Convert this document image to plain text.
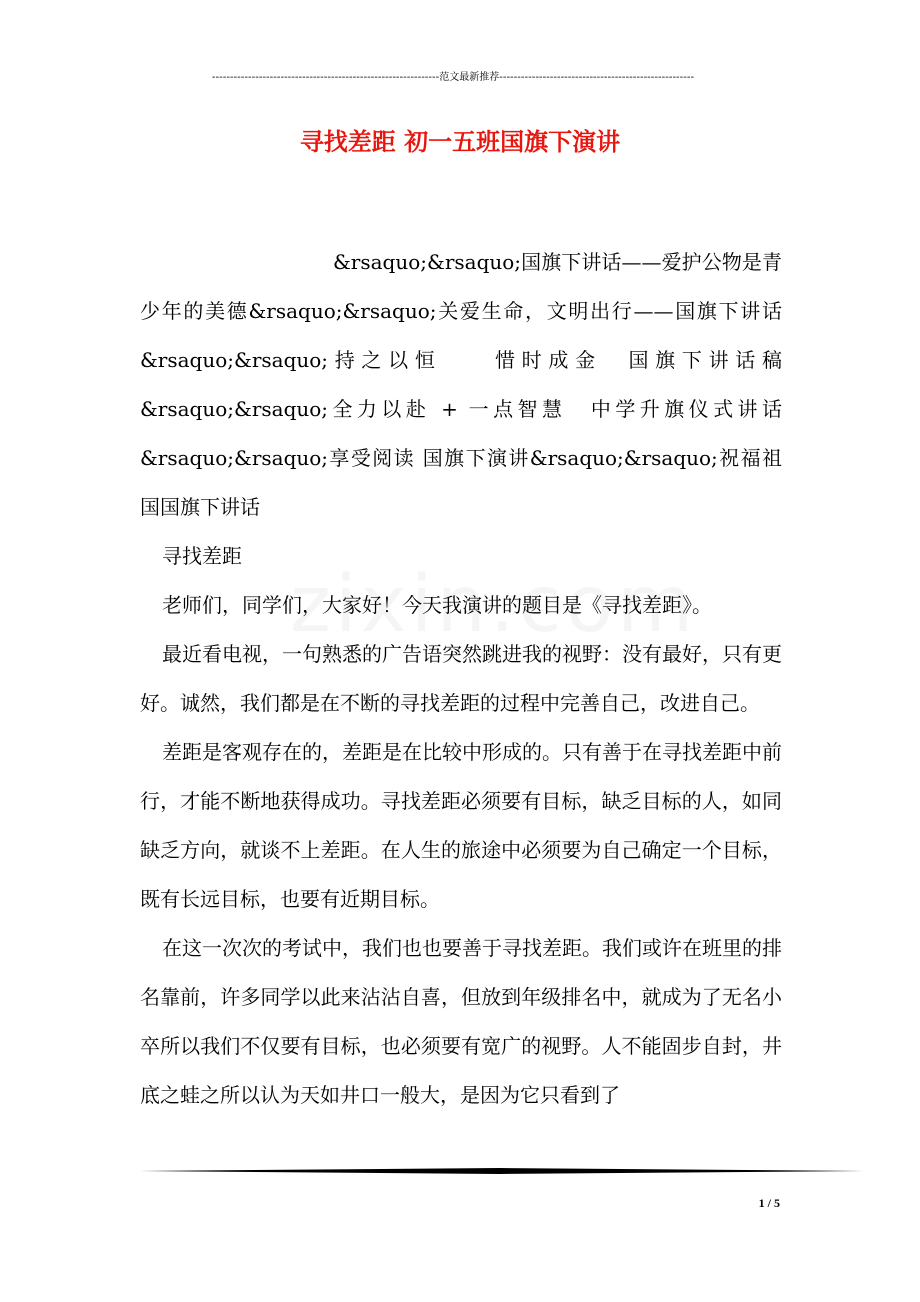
---------------------------------------------------------------范文最新推荐------------------------------------------------------
寻找差距 初一五班国旗下演讲

&rsaquo;&rsaquo;国旗下讲话——爱护公物是青少年的美德&rsaquo;&rsaquo;关爱生命，文明出行——国旗下讲话&rsaquo;&rsaquo;持之以恒　　惜时成金　国旗下讲话稿&rsaquo;&rsaquo;全力以赴 + 一点智慧　中学升旗仪式讲话&rsaquo;&rsaquo;享受阅读 国旗下演讲&rsaquo;&rsaquo;祝福祖国国旗下讲话

寻找差距

老师们，同学们，大家好！今天我演讲的题目是《寻找差距》。

最近看电视，一句熟悉的广告语突然跳进我的视野：没有最好，只有更好。诚然，我们都是在不断的寻找差距的过程中完善自己，改进自己。

差距是客观存在的，差距是在比较中形成的。只有善于在寻找差距中前行，才能不断地获得成功。寻找差距必须要有目标，缺乏目标的人，如同缺乏方向，就谈不上差距。在人生的旅途中必须要为自己确定一个目标，既有长远目标，也要有近期目标。

在这一次次的考试中，我们也也要善于寻找差距。我们或许在班里的排名靠前，许多同学以此来沾沾自喜，但放到年级排名中，就成为了无名小卒所以我们不仅要有目标，也必须要有宽广的视野。人不能固步自封，井底之蛙之所以认为天如井口一般大，是因为它只看到了

1 / 5
